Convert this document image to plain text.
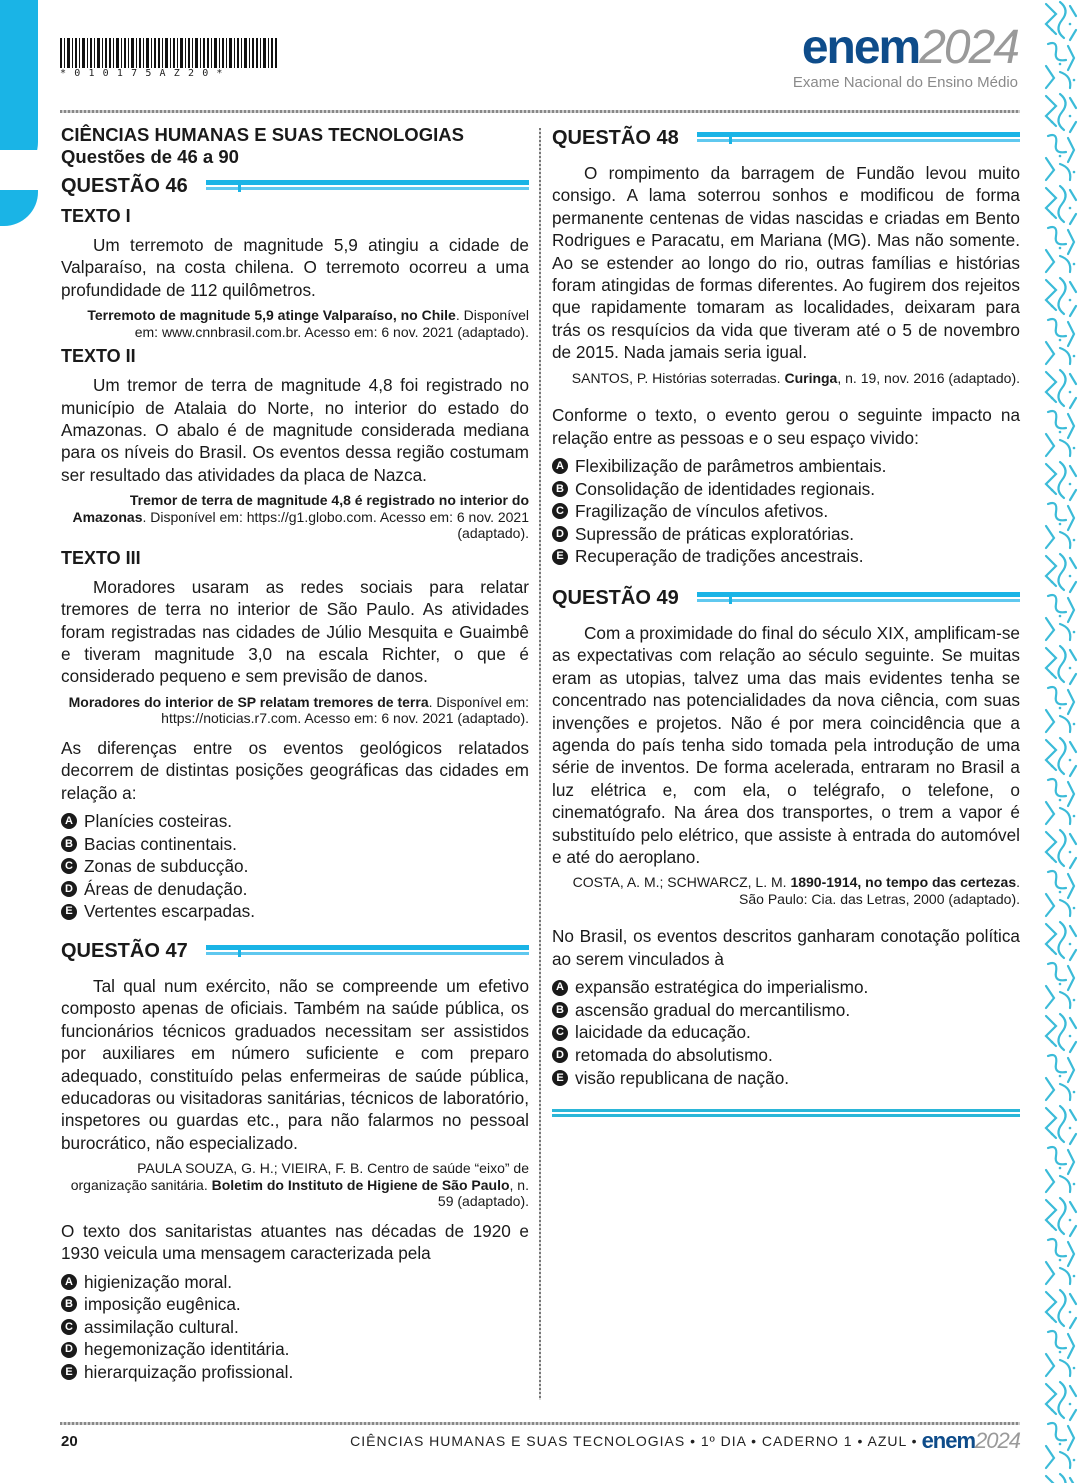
*010175AZ20*	enem2024
Exame Nacional do Ensino Médio

CIÊNCIAS HUMANAS E SUAS TECNOLOGIAS

Questões de 46 a 90

QUESTÃO 46
TEXTO I

Um terremoto de magnitude 5,9 atingiu a cidade de Valparaíso, na costa chilena. O terremoto ocorreu a uma profundidade de 112 quilômetros.

Terremoto de magnitude 5,9 atinge Valparaíso, no Chile. Disponível em: www.cnnbrasil.com.br. Acesso em: 6 nov. 2021 (adaptado).
TEXTO II

Um tremor de terra de magnitude 4,8 foi registrado no município de Atalaia do Norte, no interior do estado do Amazonas. O abalo é de magnitude considerada mediana para os níveis do Brasil. Os eventos dessa região costumam ser resultado das atividades da placa de Nazca.

Tremor de terra de magnitude 4,8 é registrado no interior do Amazonas. Disponível em: https://g1.globo.com. Acesso em: 6 nov. 2021 (adaptado).
TEXTO III

Moradores usaram as redes sociais para relatar tremores de terra no interior de São Paulo. As atividades foram registradas nas cidades de Júlio Mesquita e Guaimbê e tiveram magnitude 3,0 na escala Richter, o que é considerado pequeno e sem previsão de danos.

Moradores do interior de SP relatam tremores de terra. Disponível em: https://noticias.r7.com. Acesso em: 6 nov. 2021 (adaptado).

As diferenças entre os eventos geológicos relatados decorrem de distintas posições geográficas das cidades em relação a:

A Planícies costeiras.
B Bacias continentais.
C Zonas de subducção.
D Áreas de denudação.
E Vertentes escarpadas.
QUESTÃO 47

Tal qual num exército, não se compreende um efetivo composto apenas de oficiais. Também na saúde pública, os funcionários técnicos graduados necessitam ser assistidos por auxiliares em número suficiente e com preparo adequado, constituído pelas enfermeiras de saúde pública, educadoras ou visitadoras sanitárias, técnicos de laboratório, inspetores ou guardas etc., para não falarmos no pessoal burocrático, não especializado.

PAULA SOUZA, G. H.; VIEIRA, F. B. Centro de saúde “eixo” de organização sanitária. Boletim do Instituto de Higiene de São Paulo, n. 59 (adaptado).

O texto dos sanitaristas atuantes nas décadas de 1920 e 1930 veicula uma mensagem caracterizada pela

A higienização moral.
B imposição eugênica.
C assimilação cultural.
D hegemonização identitária.
E hierarquização profissional.
QUESTÃO 48

O rompimento da barragem de Fundão levou muito consigo. A lama soterrou sonhos e modificou de forma permanente centenas de vidas nascidas e criadas em Bento Rodrigues e Paracatu, em Mariana (MG). Mas não somente. Ao se estender ao longo do rio, outras famílias e histórias foram atingidas de formas diferentes. Ao fugirem dos rejeitos que rapidamente tomaram as localidades, deixaram para trás os resquícios da vida que tiveram até o 5 de novembro de 2015. Nada jamais seria igual.

SANTOS, P. Histórias soterradas. Curinga, n. 19, nov. 2016 (adaptado).

Conforme o texto, o evento gerou o seguinte impacto na relação entre as pessoas e o seu espaço vivido:

A Flexibilização de parâmetros ambientais.
B Consolidação de identidades regionais.
C Fragilização de vínculos afetivos.
D Supressão de práticas exploratórias.
E Recuperação de tradições ancestrais.
QUESTÃO 49

Com a proximidade do final do século XIX, amplificam-se as expectativas com relação ao século seguinte. Se muitas eram as utopias, talvez uma das mais evidentes tenha se concentrado nas potencialidades da nova ciência, com suas invenções e projetos. Não é por mera coincidência que a agenda do país tenha sido tomada pela introdução de uma série de inventos. De forma acelerada, entraram no Brasil a luz elétrica e, com ela, o telégrafo, o telefone, o cinematógrafo. Na área dos transportes, o trem a vapor é substituído pelo elétrico, que assiste à entrada do automóvel e até do aeroplano.

COSTA, A. M.; SCHWARCZ, L. M. 1890-1914, no tempo das certezas. São Paulo: Cia. das Letras, 2000 (adaptado).

No Brasil, os eventos descritos ganharam conotação política ao serem vinculados à

A expansão estratégica do imperialismo.
B ascensão gradual do mercantilismo.
C laicidade da educação.
D retomada do absolutismo.
E visão republicana de nação.
20	CIÊNCIAS HUMANAS E SUAS TECNOLOGIAS • 1º DIA • CADERNO 1 • AZUL • enem2024
